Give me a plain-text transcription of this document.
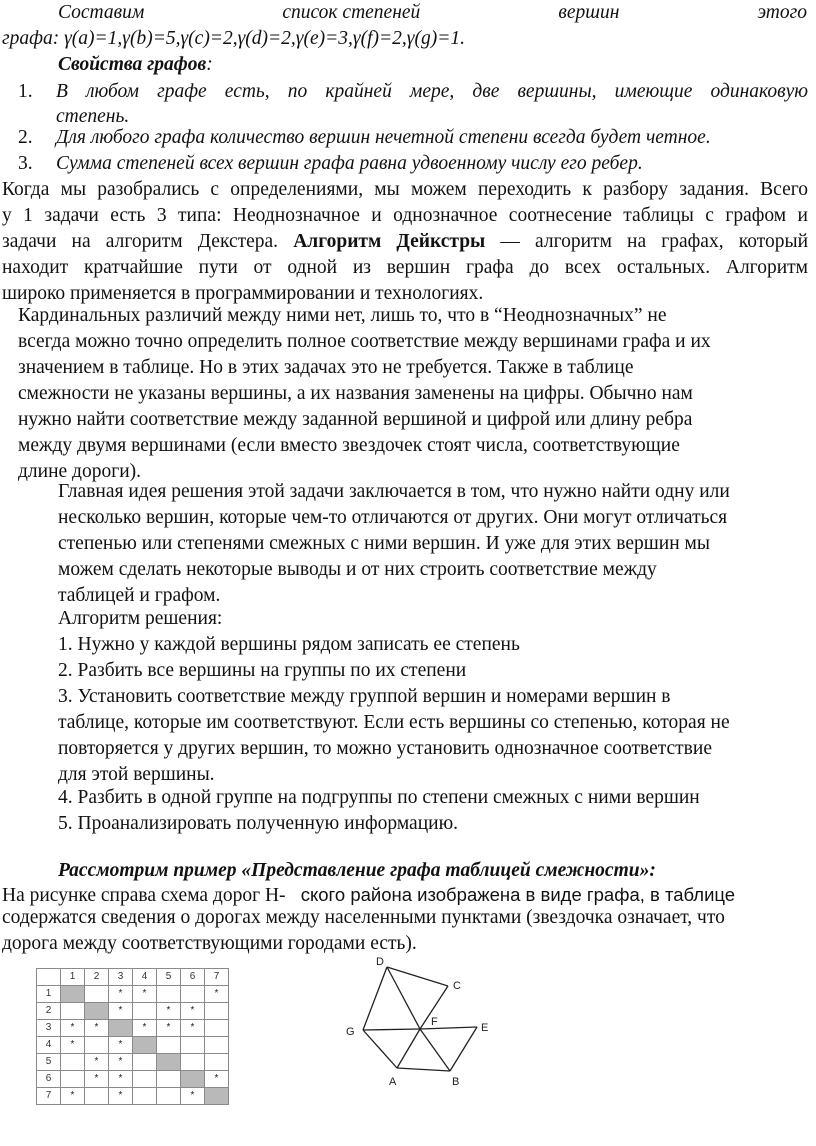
Составим	список степеней	вершин	этого
графа: γ(a)=1,γ(b)=5,γ(c)=2,γ(d)=2,γ(e)=3,γ(f)=2,γ(g)=1.
Свойства графов:
1. В любом графе есть, по крайней мере, две вершины, имеющие одинаковую
степень.
2. Для любого графа количество вершин нечетной степени всегда будет четное.
3. Сумма степеней всех вершин графа равна удвоенному числу его ребер.
Когда мы разобрались с определениями, мы можем переходить к разбору задания. Всего
у 1 задачи есть 3 типа: Неоднозначное и однозначное соотнесение таблицы с графом и
задачи на алгоритм Декстера. Алгоритм Дейкстры — алгоритм на графах, который
находит кратчайшие пути от одной из вершин графа до всех остальных. Алгоритм
широко применяется в программировании и технологиях.
Кардинальных различий между ними нет, лишь то, что в “Неоднозначных” не
всегда можно точно определить полное соответствие между вершинами графа и их
значением в таблице. Но в этих задачах это не требуется. Также в таблице
смежности не указаны вершины, а их названия заменены на цифры. Обычно нам
нужно найти соответствие между заданной вершиной и цифрой или длину ребра
между двумя вершинами (если вместо звездочек стоят числа, соответствующие
длине дороги).
Главная идея решения этой задачи заключается в том, что нужно найти одну или
несколько вершин, которые чем-то отличаются от других. Они могут отличаться
степенью или степенями смежных с ними вершин. И уже для этих вершин мы
можем сделать некоторые выводы и от них строить соответствие между
таблицей и графом.
Алгоритм решения:
1. Нужно у каждой вершины рядом записать ее степень
2. Разбить все вершины на группы по их степени
3. Установить соответствие между группой вершин и номерами вершин в
таблице, которые им соответствуют. Если есть вершины со степенью, которая не
повторяется у других вершин, то можно установить однозначное соответствие
для этой вершины.
4. Разбить в одной группе на подгруппы по степени смежных с ними вершин
5. Проанализировать полученную информацию.
Рассмотрим пример «Представление графа таблицей смежности»:
На рисунке справа схема дорог Н- ского района изображена в виде графа, в таблице
содержатся сведения о дорогах между населенными пунктами (звездочка означает, что
дорога между соответствующими городами есть).
	1	2	3	4	5	6	7
1			*	*			*
2			*		*	*	
3	*	*		*	*	*	
4	*		*				
5		*	*				
6		*	*				*
7	*		*			*	
D
C
G
F	E
A	B
